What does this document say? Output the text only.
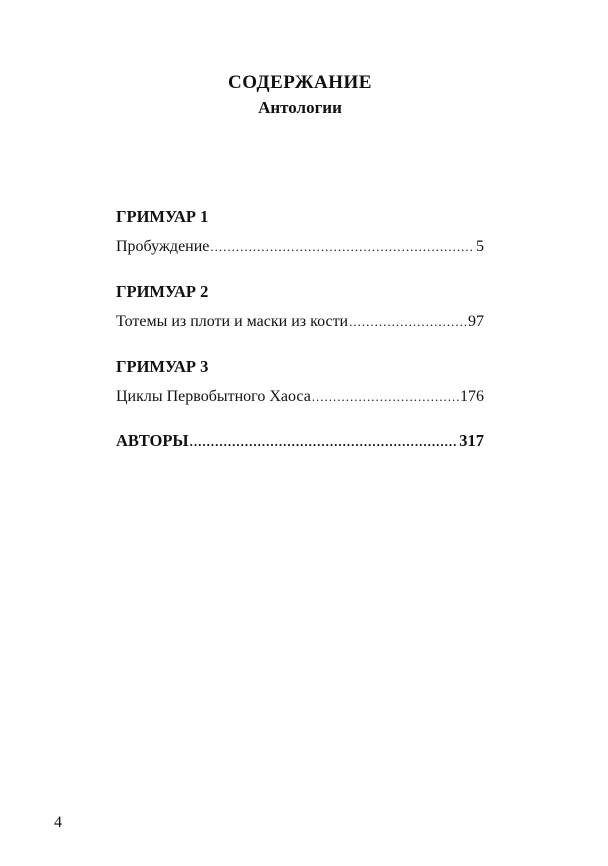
СОДЕРЖАНИЕ
Антологии
ГРИМУАР 1
Пробуждение .....	5
ГРИМУАР 2
Тотемы из плоти и маски из кости .....	97
ГРИМУАР 3
Циклы Первобытного Хаоса .....	176
АВТОРЫ .....	317
4
